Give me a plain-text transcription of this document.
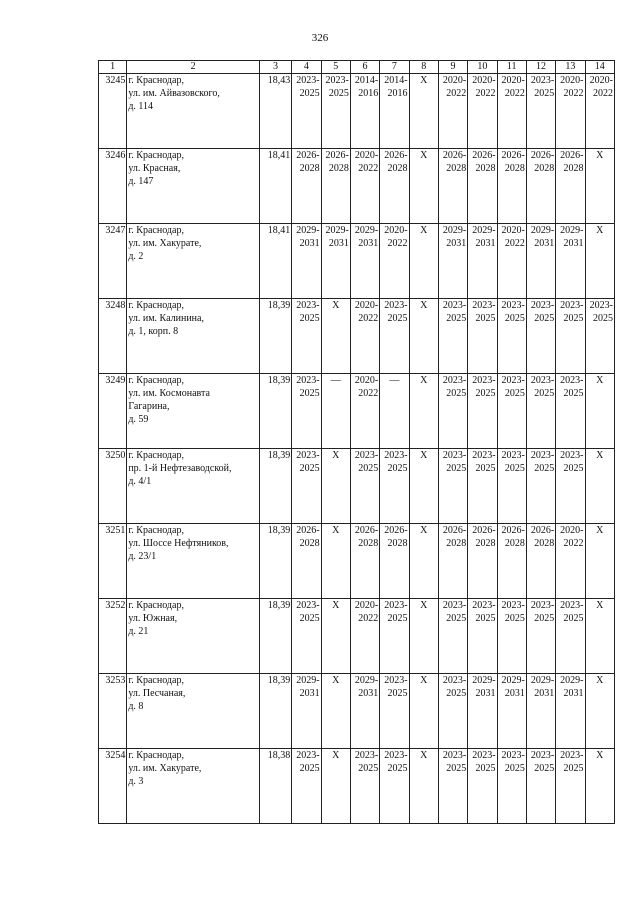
326
1	2	3	4	5	6	7	8	9	10	11	12	13	14
3245	г. Краснодар,
ул. им. Айвазовского,
д. 114	18,43	2023-
2025	2023-
2025	2014-
2016	2014-
2016	Х	2020-
2022	2020-
2022	2020-
2022	2023-
2025	2020-
2022	2020-
2022
3246	г. Краснодар,
ул. Красная,
д. 147	18,41	2026-
2028	2026-
2028	2020-
2022	2026-
2028	Х	2026-
2028	2026-
2028	2026-
2028	2026-
2028	2026-
2028	Х
3247	г. Краснодар,
ул. им. Хакурате,
д. 2	18,41	2029-
2031	2029-
2031	2029-
2031	2020-
2022	Х	2029-
2031	2029-
2031	2020-
2022	2029-
2031	2029-
2031	Х
3248	г. Краснодар,
ул. им. Калинина,
д. 1, корп. 8	18,39	2023-
2025	Х	2020-
2022	2023-
2025	Х	2023-
2025	2023-
2025	2023-
2025	2023-
2025	2023-
2025	2023-
2025
3249	г. Краснодар,
ул. им. Космонавта
Гагарина,
д. 59	18,39	2023-
2025	—	2020-
2022	—	Х	2023-
2025	2023-
2025	2023-
2025	2023-
2025	2023-
2025	Х
3250	г. Краснодар,
пр. 1-й Нефтезаводской,
д. 4/1	18,39	2023-
2025	Х	2023-
2025	2023-
2025	Х	2023-
2025	2023-
2025	2023-
2025	2023-
2025	2023-
2025	Х
3251	г. Краснодар,
ул. Шоссе Нефтяников,
д. 23/1	18,39	2026-
2028	Х	2026-
2028	2026-
2028	Х	2026-
2028	2026-
2028	2026-
2028	2026-
2028	2020-
2022	Х
3252	г. Краснодар,
ул. Южная,
д. 21	18,39	2023-
2025	Х	2020-
2022	2023-
2025	Х	2023-
2025	2023-
2025	2023-
2025	2023-
2025	2023-
2025	Х
3253	г. Краснодар,
ул. Песчаная,
д. 8	18,39	2029-
2031	Х	2029-
2031	2023-
2025	Х	2023-
2025	2029-
2031	2029-
2031	2029-
2031	2029-
2031	Х
3254	г. Краснодар,
ул. им. Хакурате,
д. 3	18,38	2023-
2025	Х	2023-
2025	2023-
2025	Х	2023-
2025	2023-
2025	2023-
2025	2023-
2025	2023-
2025	Х
